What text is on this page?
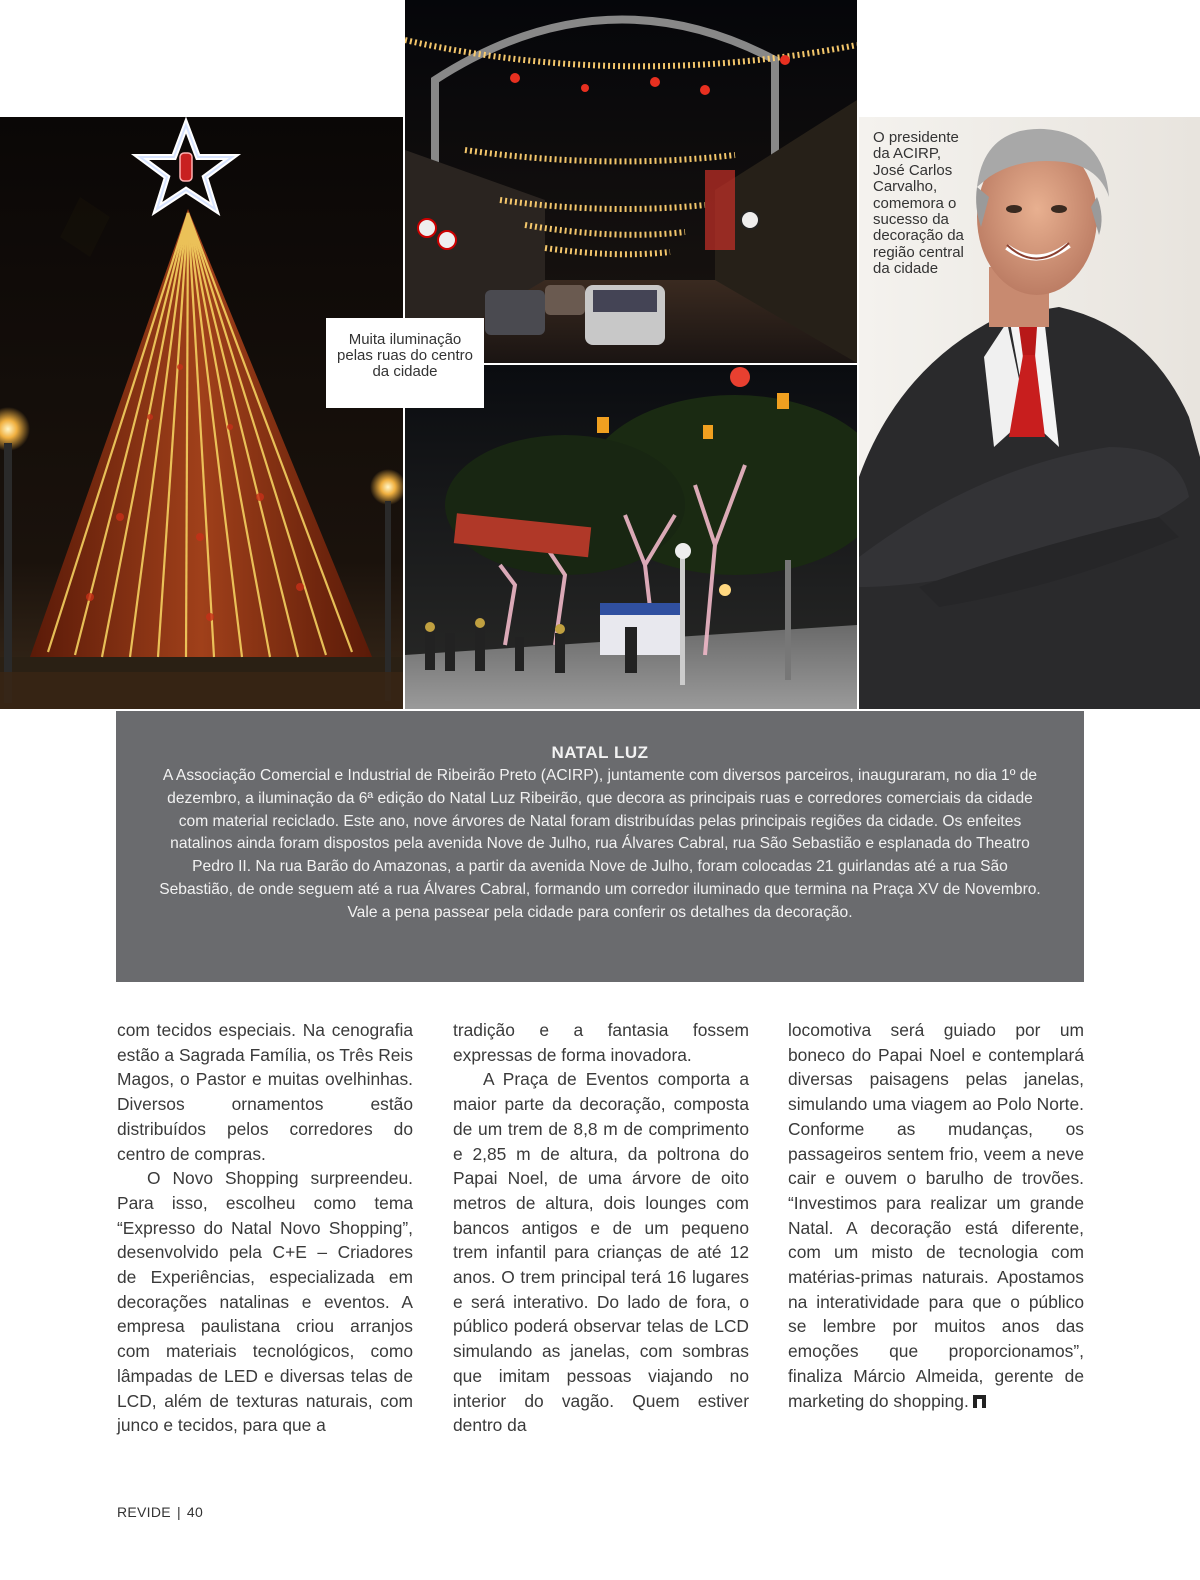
Muita iluminação pelas ruas do centro da cidade
O presidente da ACIRP, José Carlos Carvalho, comemora o sucesso da decoração da região central da cidade
NATAL LUZ
A Associação Comercial e Industrial de Ribeirão Preto (ACIRP), juntamente com diversos parceiros, inauguraram, no dia 1º de dezembro, a iluminação da 6ª edição do Natal Luz Ribeirão, que decora as principais ruas e corredores comerciais da cidade com material reciclado. Este ano, nove árvores de Natal foram distribuídas pelas principais regiões da cidade. Os enfeites natalinos ainda foram dispostos pela avenida Nove de Julho, rua Álvares Cabral, rua São Sebastião e esplanada do Theatro Pedro II. Na rua Barão do Amazonas, a partir da avenida Nove de Julho, foram colocadas 21 guirlandas até a rua São Sebastião, de onde seguem até a rua Álvares Cabral, formando um corredor iluminado que termina na Praça XV de Novembro. Vale a pena passear pela cidade para conferir os detalhes da decoração.

com tecidos especiais. Na cenografia estão a Sagrada Família, os Três Reis Magos, o Pastor e muitas ovelhinhas. Diversos ornamentos estão distribuídos pelos corredores do centro de compras.

O Novo Shopping surpreendeu. Para isso, escolheu como tema “Expresso do Natal Novo Shopping”, desenvolvido pela C+E – Criadores de Experiências, especializada em decorações natalinas e eventos. A empresa paulistana criou arranjos com materiais tecnológicos, como lâmpadas de LED e diversas telas de LCD, além de texturas naturais, com junco e tecidos, para que a

tradição e a fantasia fossem expressas de forma inovadora.

A Praça de Eventos comporta a maior parte da decoração, composta de um trem de 8,8 m de comprimento e 2,85 m de altura, da poltrona do Papai Noel, de uma árvore de oito metros de altura, dois lounges com bancos antigos e de um pequeno trem infantil para crianças de até 12 anos. O trem principal terá 16 lugares e será interativo. Do lado de fora, o público poderá observar telas de LCD simulando as janelas, com sombras que imitam pessoas viajando no interior do vagão. Quem estiver dentro da

locomotiva será guiado por um boneco do Papai Noel e contemplará diversas paisagens pelas janelas, simulando uma viagem ao Polo Norte. Conforme as mudanças, os passageiros sentem frio, veem a neve cair e ouvem o barulho de trovões. “Investimos para realizar um grande Natal. A decoração está diferente, com um misto de tecnologia com matérias-primas naturais. Apostamos na interatividade para que o público se lembre por muitos anos das emoções que proporcionamos”, finaliza Márcio Almeida, gerente de marketing do shopping.

REVIDE | 40
